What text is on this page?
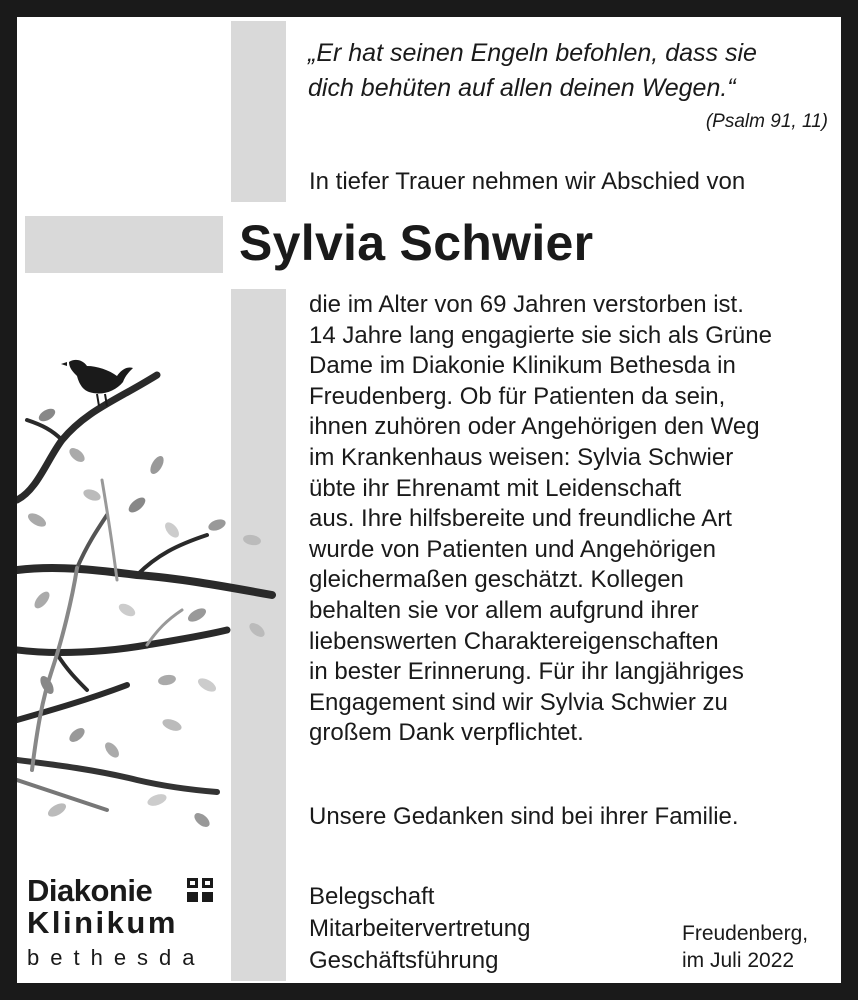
„Er hat seinen Engeln befohlen, dass sie
dich behüten auf allen deinen Wegen.“

(Psalm 91, 11)

In tiefer Trauer nehmen wir Abschied von

Sylvia Schwier

die im Alter von 69 Jahren verstorben ist.
14 Jahre lang engagierte sie sich als Grüne
Dame im Diakonie Klinikum Bethesda in
Freudenberg. Ob für Patienten da sein,
ihnen zuhören oder Angehörigen den Weg
im Krankenhaus weisen: Sylvia Schwier
übte ihr Ehrenamt mit Leidenschaft
aus. Ihre hilfsbereite und freundliche Art
wurde von Patienten und Angehörigen
gleichermaßen geschätzt. Kollegen
behalten sie vor allem aufgrund ihrer
liebenswerten Charaktereigenschaften
in bester Erinnerung. Für ihr langjähriges
Engagement sind wir Sylvia Schwier zu
großem Dank verpflichtet.

Unsere Gedanken sind bei ihrer Familie.

Belegschaft
Mitarbeitervertretung
Geschäftsführung

Freudenberg,
im Juli 2022

Diakonie

Klinikum

bethesda
